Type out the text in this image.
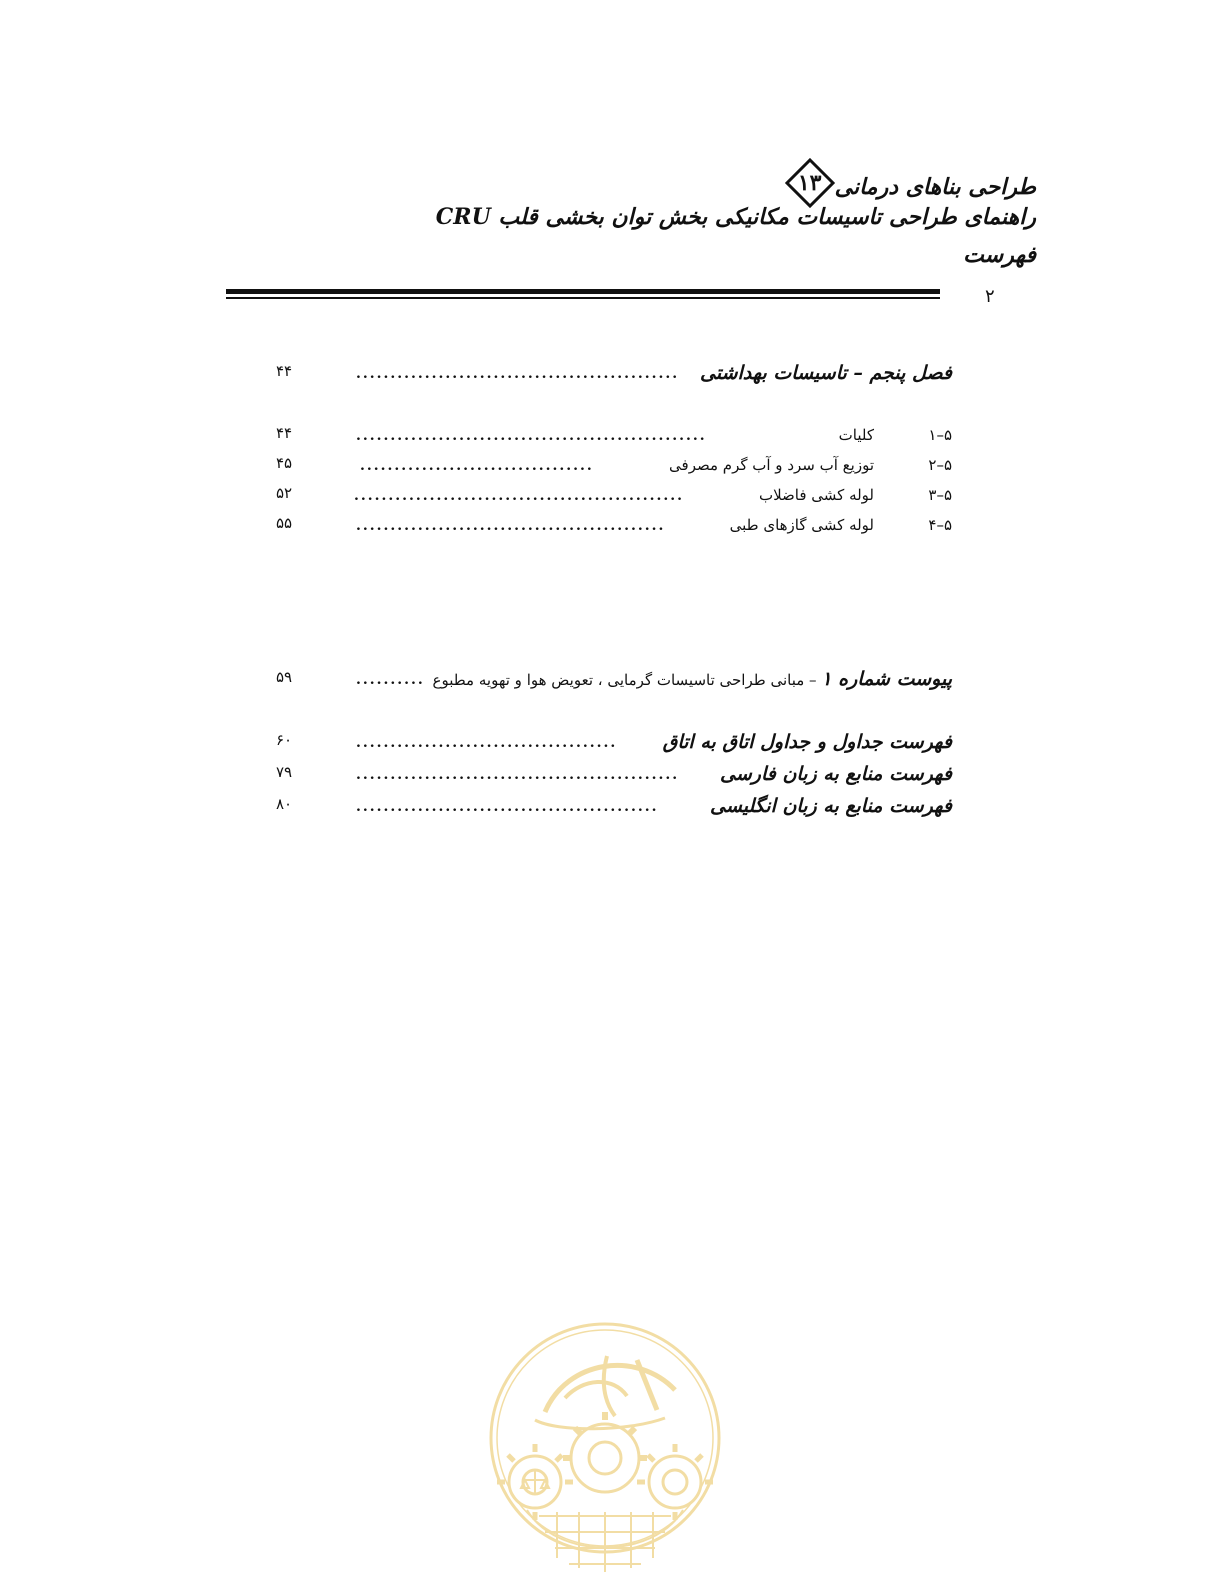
طراحی بناهای درمانی
۱۳
راهنمای طراحی تاسیسات مکانیکی بخش توان بخشی قلب CRU
فهرست
۲
۴۴	...............................................	فصل پنجم – تاسیسات بهداشتی
۴۴	...................................................	کلیات	۵–۱
۴۵	..................................	توزیع آب سرد و آب گرم مصرفی	۵–۲
۵۲	................................................	لوله کشی فاضلاب	۵–۳
۵۵	.............................................	لوله کشی گازهای طبی	۵–۴
۵۹	..........	پیوست شماره ۱ – مبانی طراحی تاسیسات گرمایی ، تعویض هوا و تهویه مطبوع
۶۰	......................................	فهرست جداول و جداول اتاق به اتاق
۷۹	...............................................	فهرست منابع به زبان فارسی
۸۰	............................................	فهرست منابع به زبان انگلیسی
